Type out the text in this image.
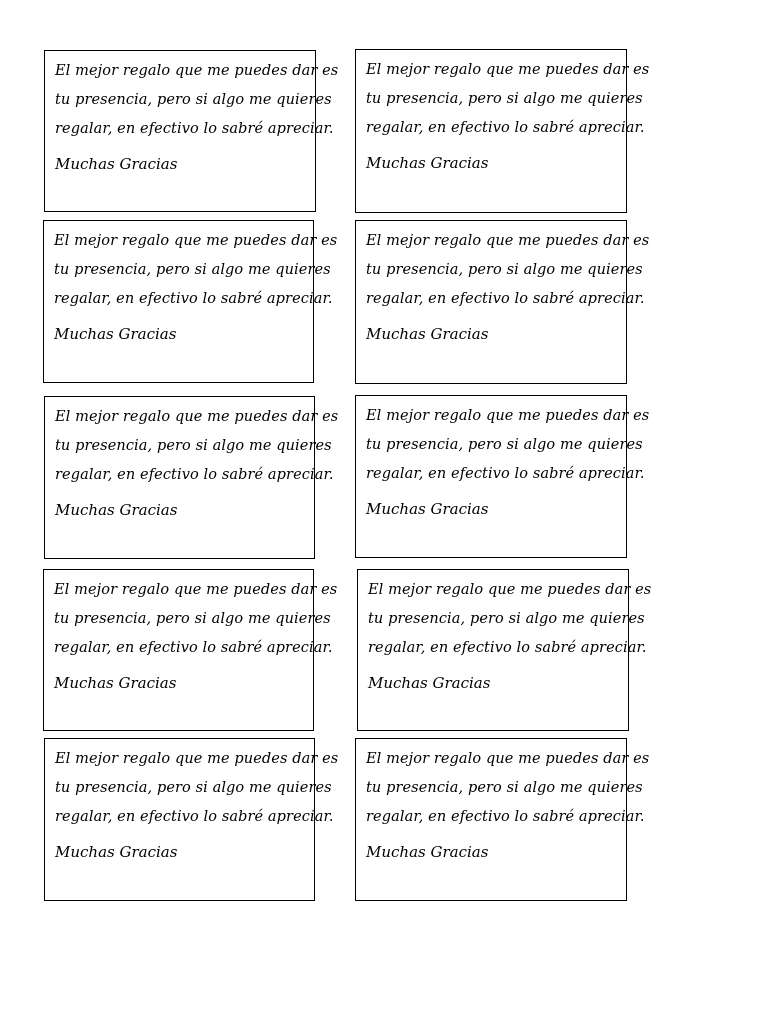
El mejor regalo que me puedes dar es
tu presencia, pero si algo me quieres
regalar, en efectivo lo sabré apreciar.
Muchas Gracias
El mejor regalo que me puedes dar es
tu presencia, pero si algo me quieres
regalar, en efectivo lo sabré apreciar.
Muchas Gracias
El mejor regalo que me puedes dar es
tu presencia, pero si algo me quieres
regalar, en efectivo lo sabré apreciar.
Muchas Gracias
El mejor regalo que me puedes dar es
tu presencia, pero si algo me quieres
regalar, en efectivo lo sabré apreciar.
Muchas Gracias
El mejor regalo que me puedes dar es
tu presencia, pero si algo me quieres
regalar, en efectivo lo sabré apreciar.
Muchas Gracias
El mejor regalo que me puedes dar es
tu presencia, pero si algo me quieres
regalar, en efectivo lo sabré apreciar.
Muchas Gracias
El mejor regalo que me puedes dar es
tu presencia, pero si algo me quieres
regalar, en efectivo lo sabré apreciar.
Muchas Gracias
El mejor regalo que me puedes dar es
tu presencia, pero si algo me quieres
regalar, en efectivo lo sabré apreciar.
Muchas Gracias
El mejor regalo que me puedes dar es
tu presencia, pero si algo me quieres
regalar, en efectivo lo sabré apreciar.
Muchas Gracias
El mejor regalo que me puedes dar es
tu presencia, pero si algo me quieres
regalar, en efectivo lo sabré apreciar.
Muchas Gracias
